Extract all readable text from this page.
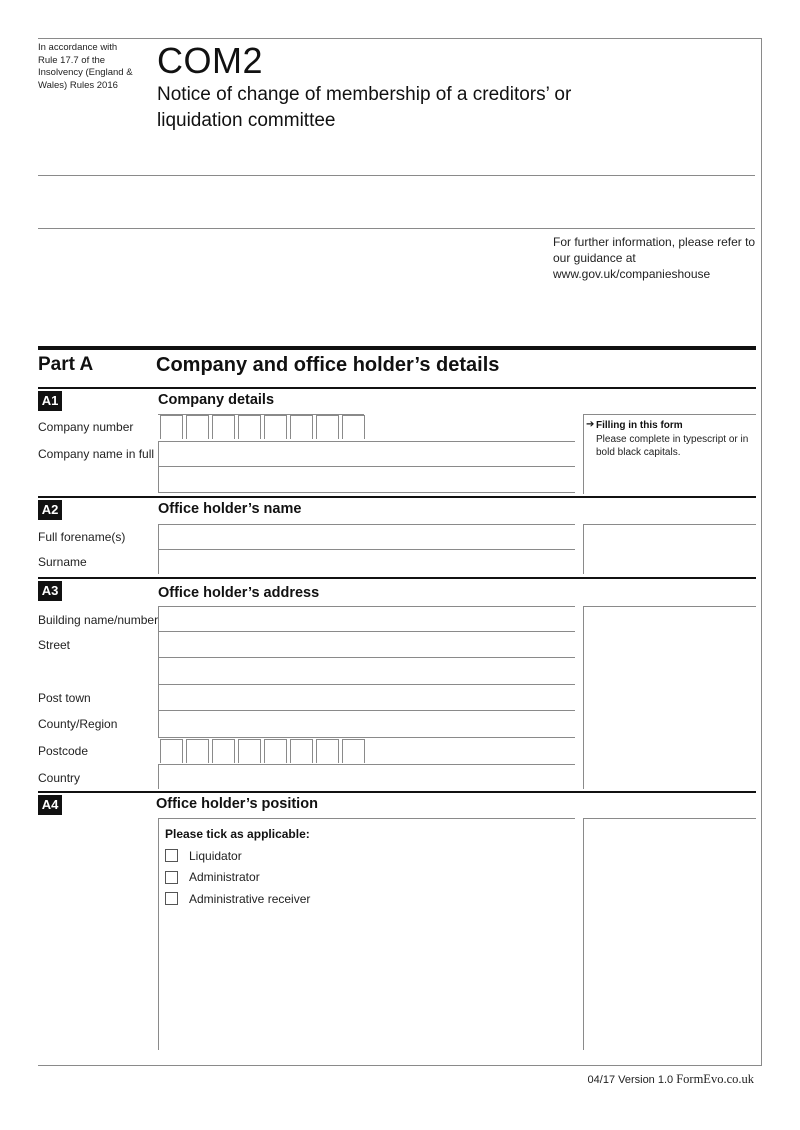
In accordance with Rule 17.7 of the Insolvency (England & Wales) Rules 2016
COM2
Notice of change of membership of a creditors’ or liquidation committee
For further information, please refer to our guidance at www.gov.uk/companieshouse
Part A	Company and office holder’s details
A1	Company details
Company number
Company name in full
➔ Filling in this form
Please complete in typescript or in bold black capitals.
A2	Office holder’s name
Full forename(s)
Surname
A3	Office holder’s address
Building name/number
Street
Post town
County/Region
Postcode
Country
A4	Office holder’s position
Please tick as applicable:
Liquidator
Administrator
Administrative receiver
04/17 Version 1.0 FormEvo.co.uk
